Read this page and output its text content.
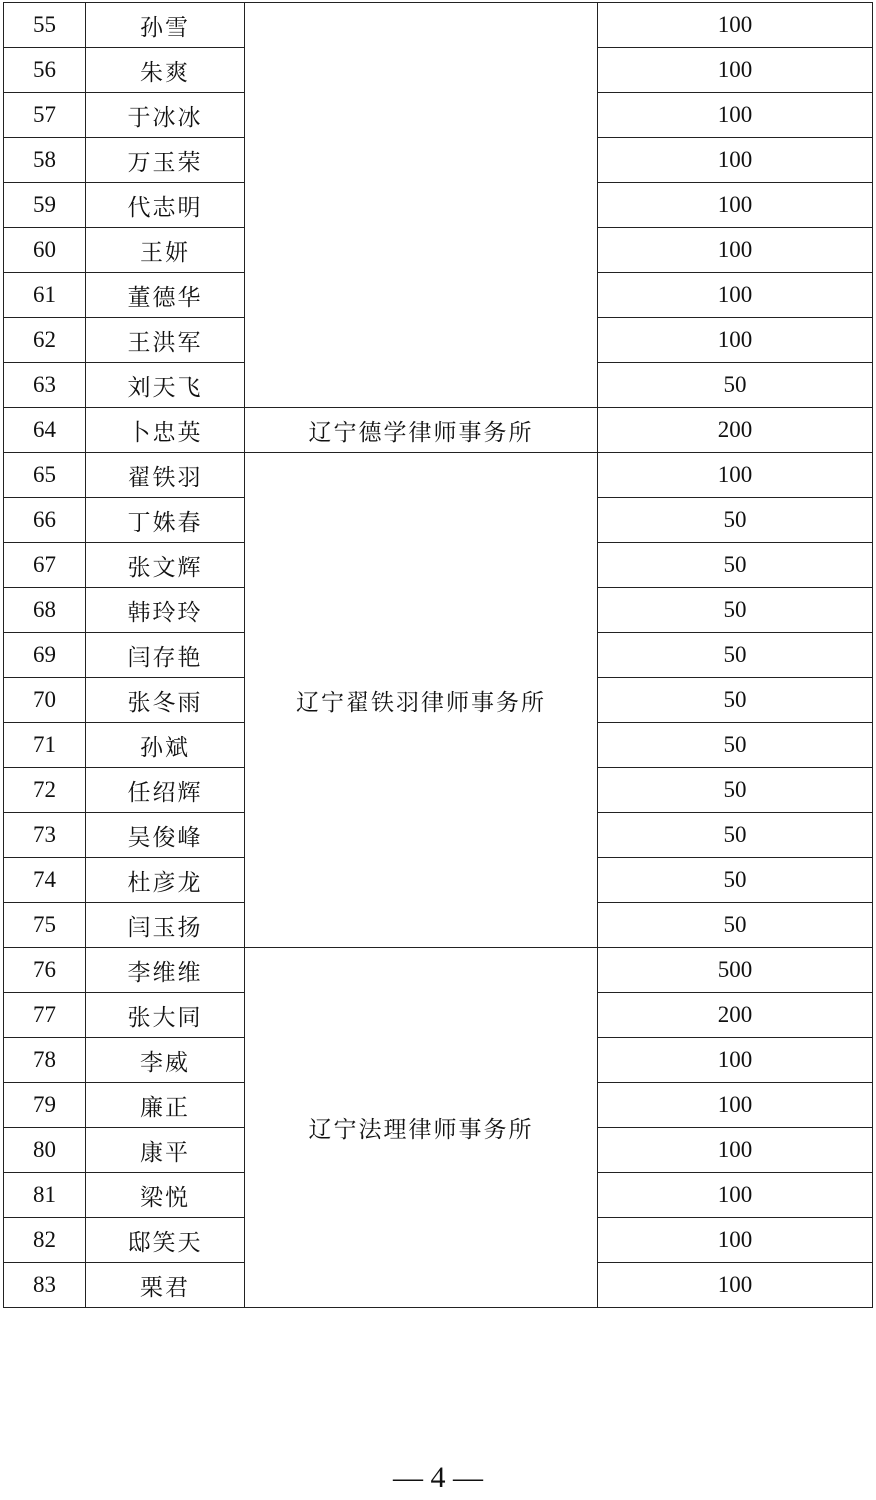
55	孙雪		100
56	朱爽		100
57	于冰冰		100
58	万玉荣		100
59	代志明		100
60	王妍		100
61	董德华		100
62	王洪军		100
63	刘天飞		50
64	卜忠英	辽宁德学律师事务所	200
65	翟铁羽	辽宁翟铁羽律师事务所	100
66	丁姝春		50
67	张文辉		50
68	韩玲玲		50
69	闫存艳		50
70	张冬雨		50
71	孙斌		50
72	任绍辉		50
73	吴俊峰		50
74	杜彦龙		50
75	闫玉扬		50
76	李维维	辽宁法理律师事务所	500
77	张大同		200
78	李威		100
79	廉正		100
80	康平		100
81	梁悦		100
82	邸笑天		100
83	栗君		100
— 4 —
